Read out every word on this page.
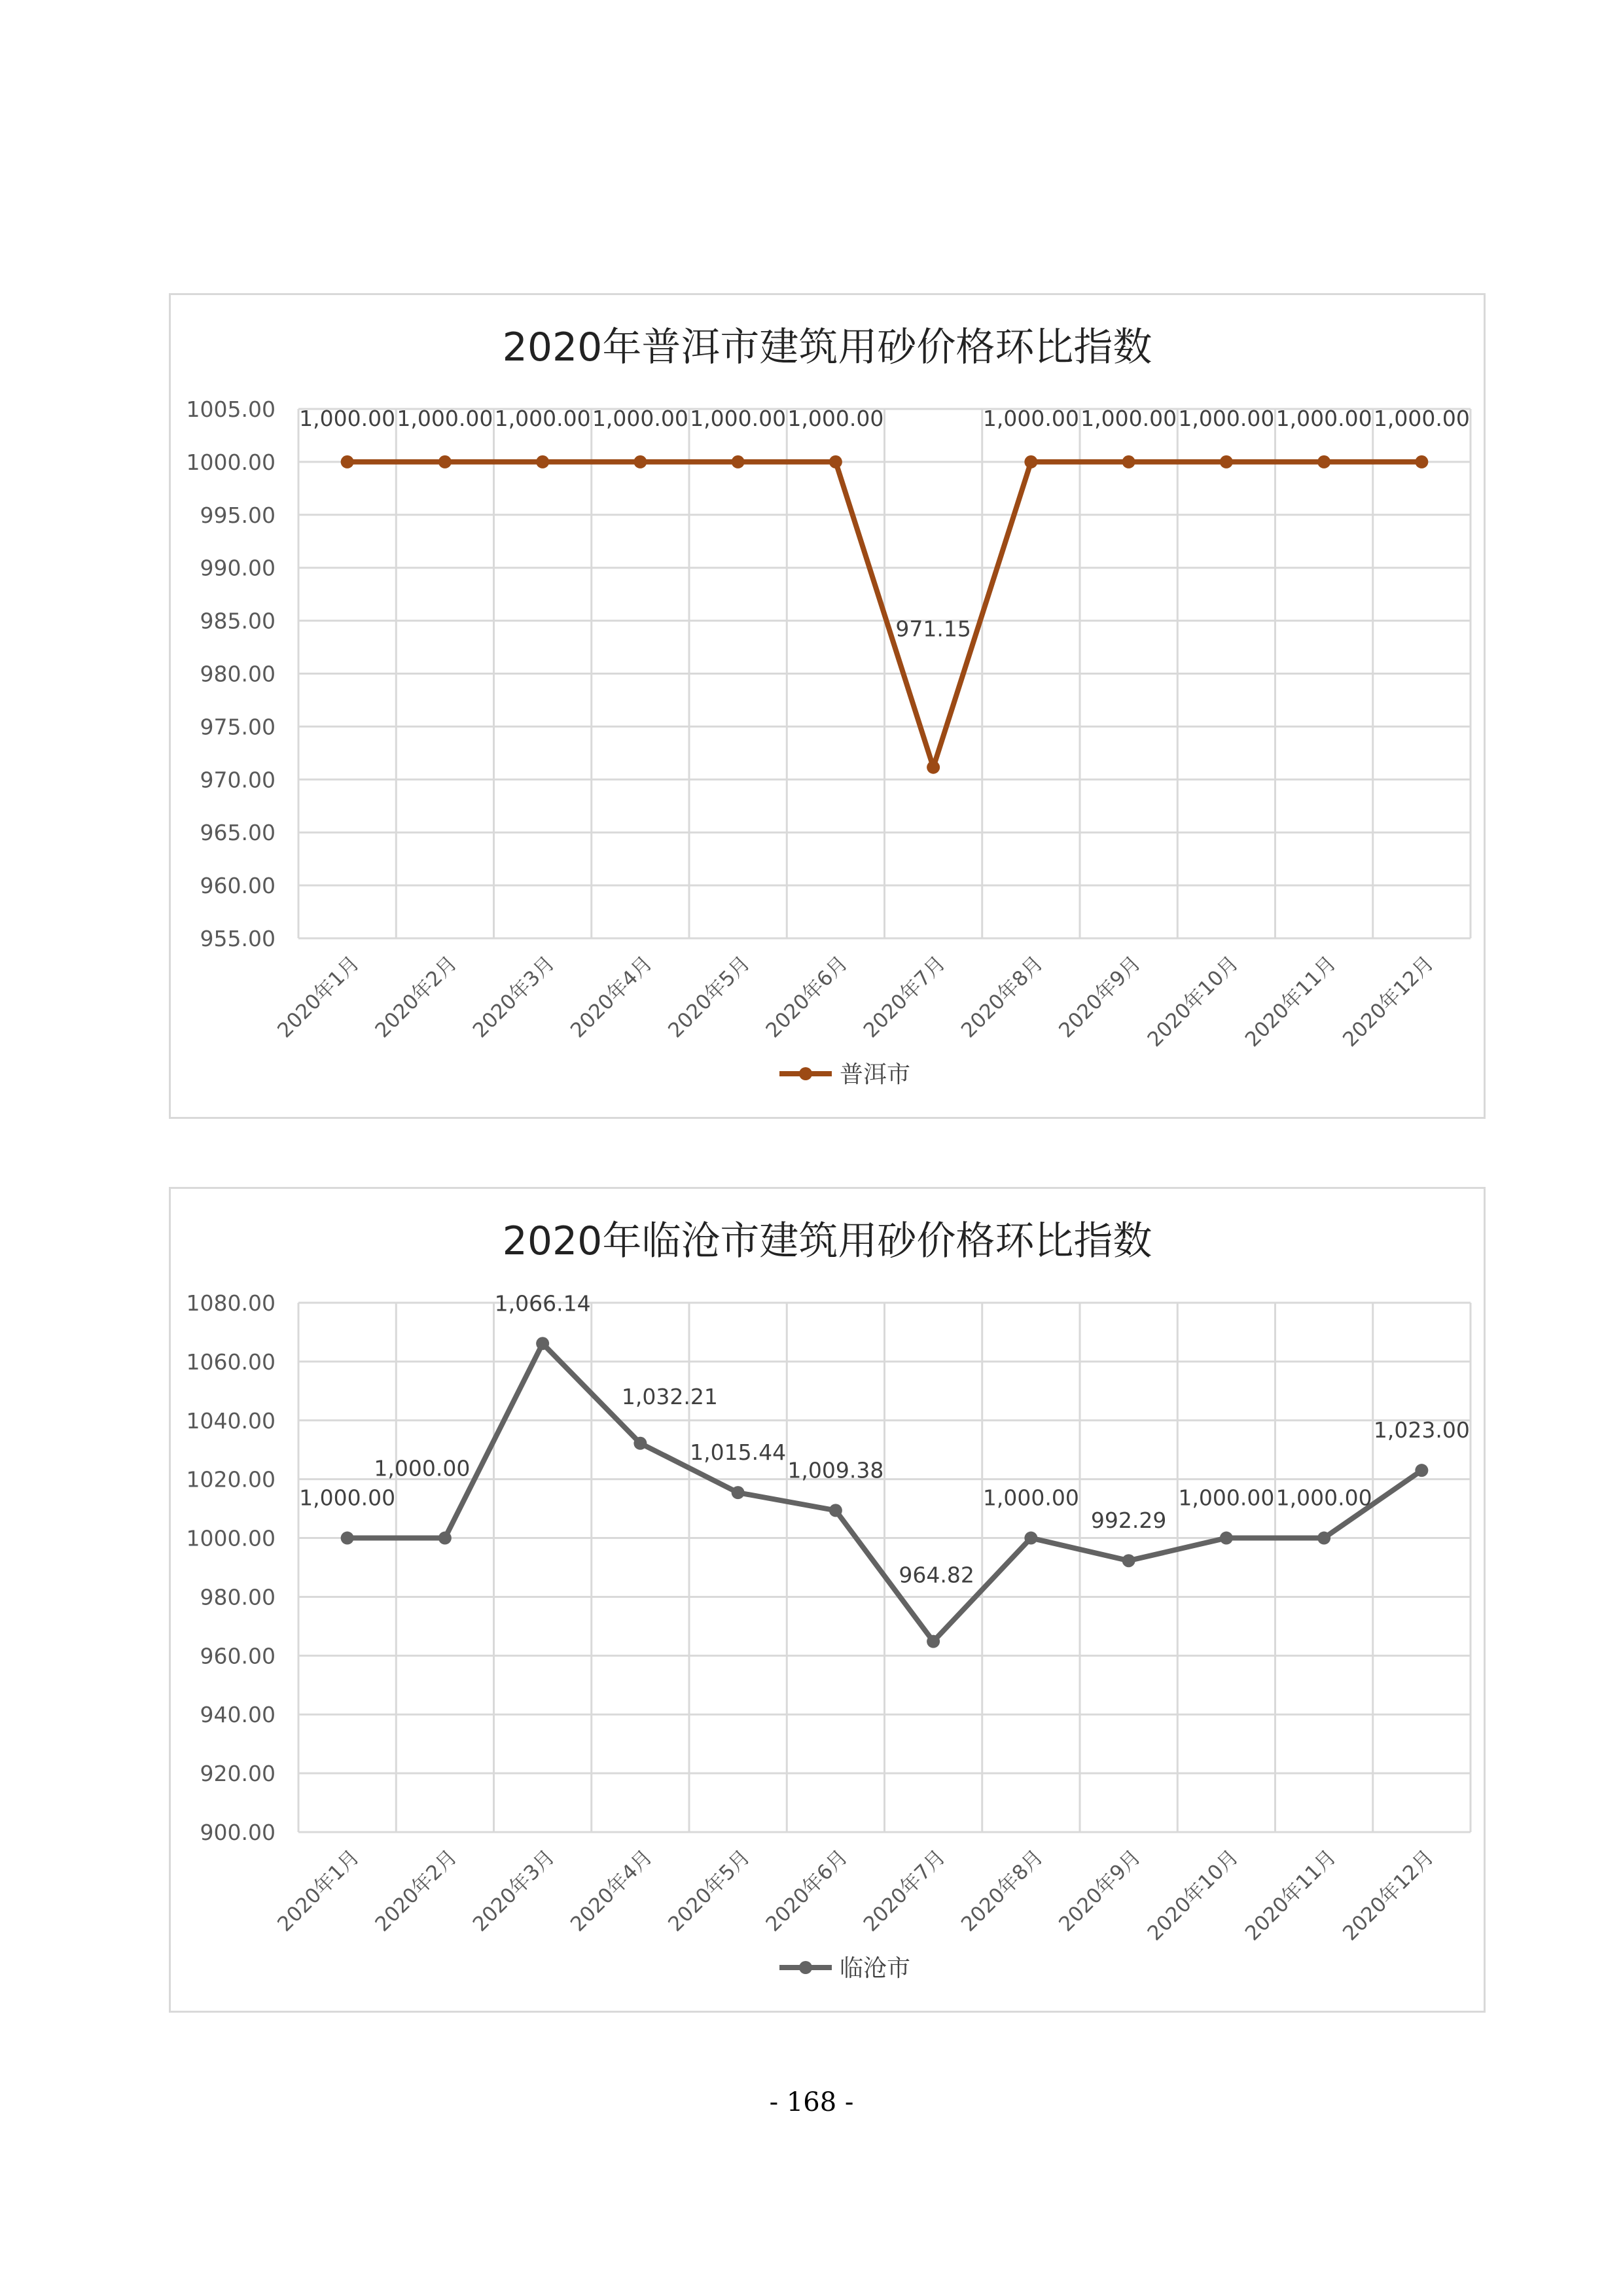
2020年普洱市建筑用砂价格环比指数
955.00
960.00
965.00
970.00
975.00
980.00
985.00
990.00
995.00
1000.00
1005.00
2020年1月 2020年2月 2020年3月 2020年4月 2020年5月 2020年6月 2020年7月 2020年8月 2020年9月
2020年10月
2020年11月
2020年12月
1,000.00 1,000.00 1,000.00 1,000.00 1,000.00 1,000.00
971.15
1,000.00 1,000.00 1,000.00 1,000.00 1,000.00
普洱市
2020年临沧市建筑用砂价格环比指数
900.00
920.00
940.00
960.00
980.00
1000.00
1020.00
1040.00
1060.00
1080.00
2020年1月 2020年2月 2020年3月 2020年4月 2020年5月 2020年6月 2020年7月 2020年8月 2020年9月
2020年10月
2020年11月
2020年12月
1,000.00
1,000.00
1,066.14
1,032.21
1,015.44
1,009.38
964.82
1,000.00
992.29
1,000.00 1,000.00
1,023.00
临沧市
- 168 -
